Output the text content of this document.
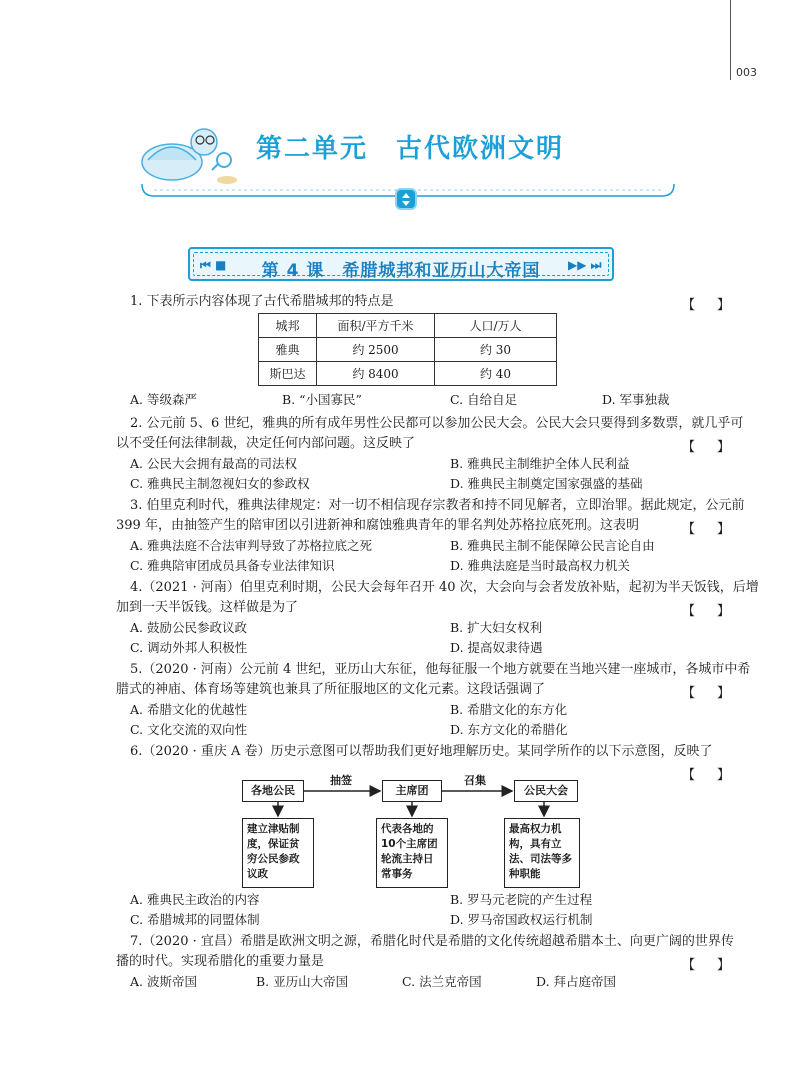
003
第二单元　古代欧洲文明
第 4 课　希腊城邦和亚历山大帝国
⏮ ■	▶▶ ⏭
1. 下表所示内容体现了古代希腊城邦的特点是	【】
城邦	面积/平方千米	人口/万人
雅典	约 2500	约 30
斯巴达	约 8400	约 40
A. 等级森严	B. “小国寡民”	C. 自给自足	D. 军事独裁
2. 公元前 5、6 世纪，雅典的所有成年男性公民都可以参加公民大会。公民大会只要得到多数票，就几乎可
以不受任何法律制裁，决定任何内部问题。这反映了	【】
A. 公民大会拥有最高的司法权	B. 雅典民主制维护全体人民利益
C. 雅典民主制忽视妇女的参政权	D. 雅典民主制奠定国家强盛的基础
3. 伯里克利时代，雅典法律规定：对一切不相信现存宗教者和持不同见解者，立即治罪。据此规定，公元前
399 年，由抽签产生的陪审团以引进新神和腐蚀雅典青年的罪名判处苏格拉底死刑。这表明	【】
A. 雅典法庭不合法审判导致了苏格拉底之死	B. 雅典民主制不能保障公民言论自由
C. 雅典陪审团成员具备专业法律知识	D. 雅典法庭是当时最高权力机关
4.（2021 · 河南）伯里克利时期，公民大会每年召开 40 次，大会向与会者发放补贴，起初为半天饭钱，后增
加到一天半饭钱。这样做是为了	【】
A. 鼓励公民参政议政	B. 扩大妇女权利
C. 调动外邦人积极性	D. 提高奴隶待遇
5.（2020 · 河南）公元前 4 世纪，亚历山大东征，他每征服一个地方就要在当地兴建一座城市，各城市中希
腊式的神庙、体育场等建筑也兼具了所征服地区的文化元素。这段话强调了	【】
A. 希腊文化的优越性	B. 希腊文化的东方化
C. 文化交流的双向性	D. 东方文化的希腊化
6.（2020 · 重庆 A 卷）历史示意图可以帮助我们更好地理解历史。某同学所作的以下示意图，反映了
【】
各地公民	主席团	公民大会
抽签	召集
建立津贴制度，保证贫穷公民参政议政
代表各地的10个主席团轮流主持日常事务
最高权力机构，具有立法、司法等多种职能
A. 雅典民主政治的内容	B. 罗马元老院的产生过程
C. 希腊城邦的同盟体制	D. 罗马帝国政权运行机制
7.（2020 · 宜昌）希腊是欧洲文明之源，希腊化时代是希腊的文化传统超越希腊本土、向更广阔的世界传
播的时代。实现希腊化的重要力量是	【】
A. 波斯帝国	B. 亚历山大帝国	C. 法兰克帝国	D. 拜占庭帝国
